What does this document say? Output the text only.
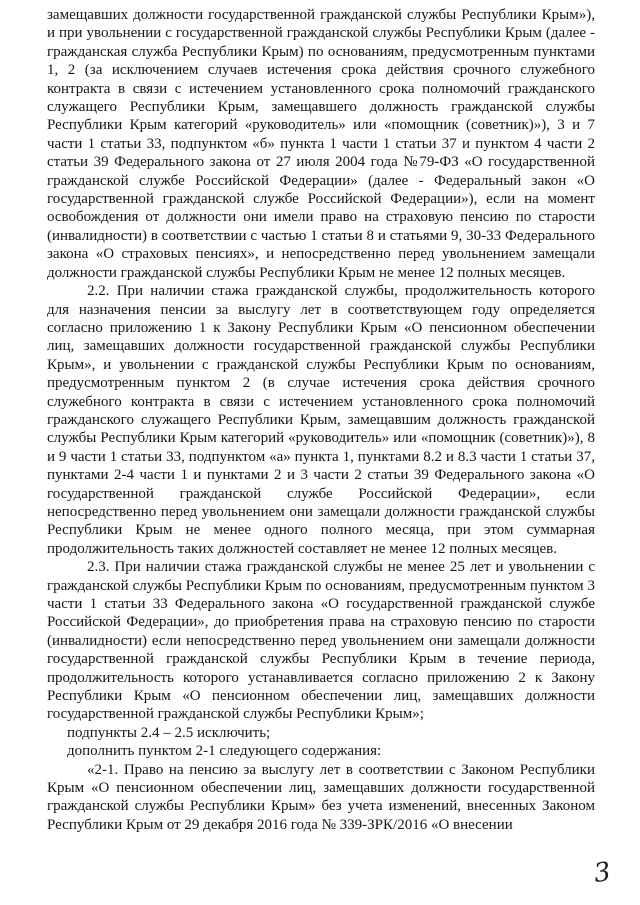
замещавших должности государственной гражданской службы Республики Крым»), и при увольнении с государственной гражданской службы Республики Крым (далее - гражданская служба Республики Крым) по основаниям, предусмотренным пунктами 1, 2 (за исключением случаев истечения срока действия срочного служебного контракта в связи с истечением установленного срока полномочий гражданского служащего Республики Крым, замещавшего должность гражданской службы Республики Крым категорий «руководитель» или «помощник (советник)»), 3 и 7 части 1 статьи 33, подпунктом «б» пункта 1 части 1 статьи 37 и пунктом 4 части 2 статьи 39 Федерального закона от 27 июля 2004 года №79-ФЗ «О государственной гражданской службе Российской Федерации» (далее - Федеральный закон «О государственной гражданской службе Российской Федерации»), если на момент освобождения от должности они имели право на страховую пенсию по старости (инвалидности) в соответствии с частью 1 статьи 8 и статьями 9, 30-33 Федерального закона «О страховых пенсиях», и непосредственно перед увольнением замещали должности гражданской службы Республики Крым не менее 12 полных месяцев.

2.2. При наличии стажа гражданской службы, продолжительность которого для назначения пенсии за выслугу лет в соответствующем году определяется согласно приложению 1 к Закону Республики Крым «О пенсионном обеспечении лиц, замещавших должности государственной гражданской службы Республики Крым», и увольнении с гражданской службы Республики Крым по основаниям, предусмотренным пунктом 2 (в случае истечения срока действия срочного служебного контракта в связи с истечением установленного срока полномочий гражданского служащего Республики Крым, замещавшим должность гражданской службы Республики Крым категорий «руководитель» или «помощник (советник)»), 8 и 9 части 1 статьи 33, подпунктом «а» пункта 1, пунктами 8.2 и 8.3 части 1 статьи 37, пунктами 2-4 части 1 и пунктами 2 и 3 части 2 статьи 39 Федерального закона «О государственной гражданской службе Российской Федерации», если непосредственно перед увольнением они замещали должности гражданской службы Республики Крым не менее одного полного месяца, при этом суммарная продолжительность таких должностей составляет не менее 12 полных месяцев.

2.3. При наличии стажа гражданской службы не менее 25 лет и увольнении с гражданской службы Республики Крым по основаниям, предусмотренным пунктом 3 части 1 статьи 33 Федерального закона «О государственной гражданской службе Российской Федерации», до приобретения права на страховую пенсию по старости (инвалидности) если непосредственно перед увольнением они замещали должности государственной гражданской службы Республики Крым в течение периода, продолжительность которого устанавливается согласно приложению 2 к Закону Республики Крым «О пенсионном обеспечении лиц, замещавших должности государственной гражданской службы Республики Крым»;

подпункты 2.4 – 2.5 исключить;

дополнить пунктом 2-1 следующего содержания:

«2-1. Право на пенсию за выслугу лет в соответствии с Законом Республики Крым «О пенсионном обеспечении лиц, замещавших должности государственной гражданской службы Республики Крым» без учета изменений, внесенных Законом Республики Крым от 29 декабря 2016 года № 339-ЗРК/2016 «О внесении

3
